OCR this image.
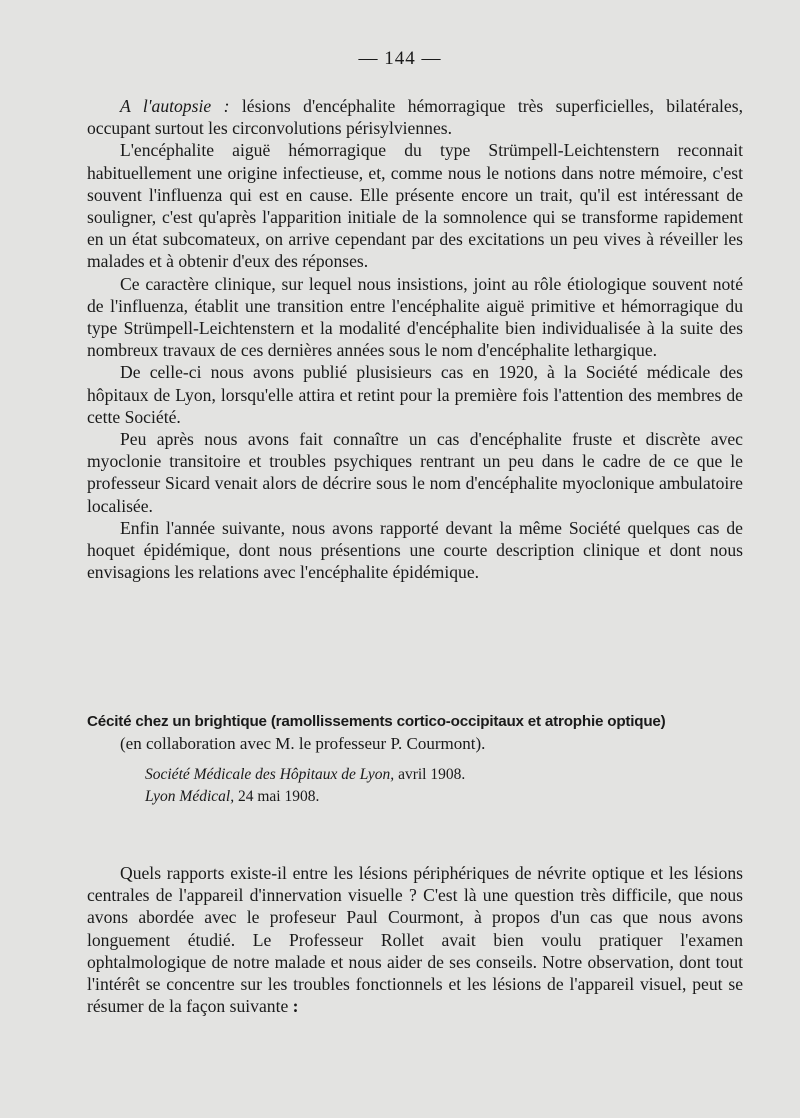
— 144 —

A l'autopsie : lésions d'encéphalite hémorragique très superficielles, bilatérales, occupant surtout les circonvolutions périsylviennes.

L'encéphalite aiguë hémorragique du type Strümpell-Leichtenstern reconnait habituellement une origine infectieuse, et, comme nous le notions dans notre mémoire, c'est souvent l'influenza qui est en cause. Elle présente encore un trait, qu'il est intéressant de souligner, c'est qu'après l'apparition initiale de la somnolence qui se transforme rapidement en un état subcomateux, on arrive cependant par des excitations un peu vives à réveiller les malades et à obtenir d'eux des réponses.

Ce caractère clinique, sur lequel nous insistions, joint au rôle étiologique souvent noté de l'influenza, établit une transition entre l'encéphalite aiguë primitive et hémorragique du type Strümpell-Leichtenstern et la modalité d'encéphalite bien individualisée à la suite des nombreux travaux de ces dernières années sous le nom d'encéphalite lethargique.

De celle-ci nous avons publié plusisieurs cas en 1920, à la Société médicale des hôpitaux de Lyon, lorsqu'elle attira et retint pour la première fois l'attention des membres de cette Société.

Peu après nous avons fait connaître un cas d'encéphalite fruste et discrète avec myoclonie transitoire et troubles psychiques rentrant un peu dans le cadre de ce que le professeur Sicard venait alors de décrire sous le nom d'encéphalite myoclonique ambulatoire localisée.

Enfin l'année suivante, nous avons rapporté devant la même Société quelques cas de hoquet épidémique, dont nous présentions une courte description clinique et dont nous envisagions les relations avec l'encéphalite épidémique.

Cécité chez un brightique (ramollissements cortico-occipitaux et atrophie optique)
(en collaboration avec M. le professeur P. Courmont).
Société Médicale des Hôpitaux de Lyon, avril 1908.
Lyon Médical, 24 mai 1908.

Quels rapports existe-il entre les lésions périphériques de névrite optique et les lésions centrales de l'appareil d'innervation visuelle ? C'est là une question très difficile, que nous avons abordée avec le profeseur Paul Courmont, à propos d'un cas que nous avons longuement étudié. Le Professeur Rollet avait bien voulu pratiquer l'examen ophtalmologique de notre malade et nous aider de ses conseils. Notre observation, dont tout l'intérêt se concentre sur les troubles fonctionnels et les lésions de l'appareil visuel, peut se résumer de la façon suivante :
